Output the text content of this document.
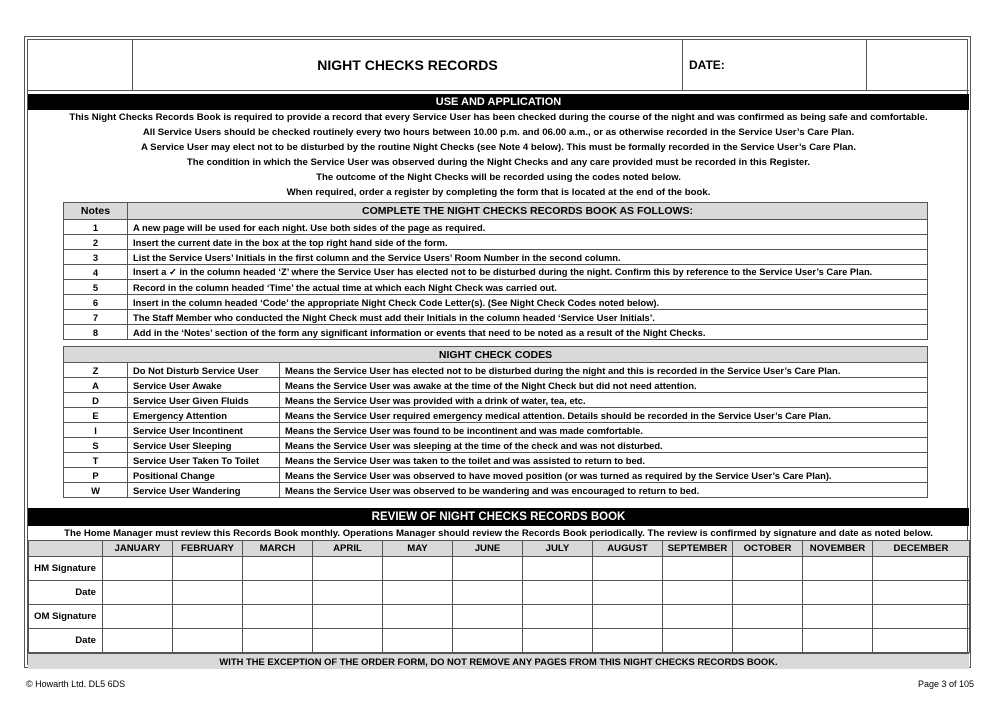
NIGHT CHECKS RECORDS	DATE:
USE AND APPLICATION
This Night Checks Records Book is required to provide a record that every Service User has been checked during the course of the night and was confirmed as being safe and comfortable.
All Service Users should be checked routinely every two hours between 10.00 p.m. and 06.00 a.m., or as otherwise recorded in the Service User’s Care Plan.
A Service User may elect not to be disturbed by the routine Night Checks (see Note 4 below). This must be formally recorded in the Service User’s Care Plan.
The condition in which the Service User was observed during the Night Checks and any care provided must be recorded in this Register.
The outcome of the Night Checks will be recorded using the codes noted below.
When required, order a register by completing the form that is located at the end of the book.
Notes	COMPLETE THE NIGHT CHECKS RECORDS BOOK AS FOLLOWS:
1	A new page will be used for each night. Use both sides of the page as required.
2	Insert the current date in the box at the top right hand side of the form.
3	List the Service Users’ Initials in the first column and the Service Users’ Room Number in the second column.
4	Insert a ✓ in the column headed ‘Z’ where the Service User has elected not to be disturbed during the night. Confirm this by reference to the Service User’s Care Plan.
5	Record in the column headed ‘Time’ the actual time at which each Night Check was carried out.
6	Insert in the column headed ‘Code’ the appropriate Night Check Code Letter(s). (See Night Check Codes noted below).
7	The Staff Member who conducted the Night Check must add their Initials in the column headed ‘Service User Initials’.
8	Add in the ‘Notes’ section of the form any significant information or events that need to be noted as a result of the Night Checks.
NIGHT CHECK CODES		
Z	Do Not Disturb Service User	Means the Service User has elected not to be disturbed during the night and this is recorded in the Service User’s Care Plan.
A	Service User Awake	Means the Service User was awake at the time of the Night Check but did not need attention.
D	Service User Given Fluids	Means the Service User was provided with a drink of water, tea, etc.
E	Emergency Attention	Means the Service User required emergency medical attention. Details should be recorded in the Service User’s Care Plan.
I	Service User Incontinent	Means the Service User was found to be incontinent and was made comfortable.
S	Service User Sleeping	Means the Service User was sleeping at the time of the check and was not disturbed.
T	Service User Taken To Toilet	Means the Service User was taken to the toilet and was assisted to return to bed.
P	Positional Change	Means the Service User was observed to have moved position (or was turned as required by the Service User’s Care Plan).
W	Service User Wandering	Means the Service User was observed to be wandering and was encouraged to return to bed.
REVIEW OF NIGHT CHECKS RECORDS BOOK
The Home Manager must review this Records Book monthly. Operations Manager should review the Records Book periodically. The review is confirmed by signature and date as noted below.
	JANUARY	FEBRUARY	MARCH	APRIL	MAY	JUNE	JULY	AUGUST	SEPTEMBER	OCTOBER	NOVEMBER	DECEMBER
HM Signature												
Date												
OM Signature												
Date												
WITH THE EXCEPTION OF THE ORDER FORM, DO NOT REMOVE ANY PAGES FROM THIS NIGHT CHECKS RECORDS BOOK.
© Howarth Ltd. DL5 6DS	Page 3 of 105
